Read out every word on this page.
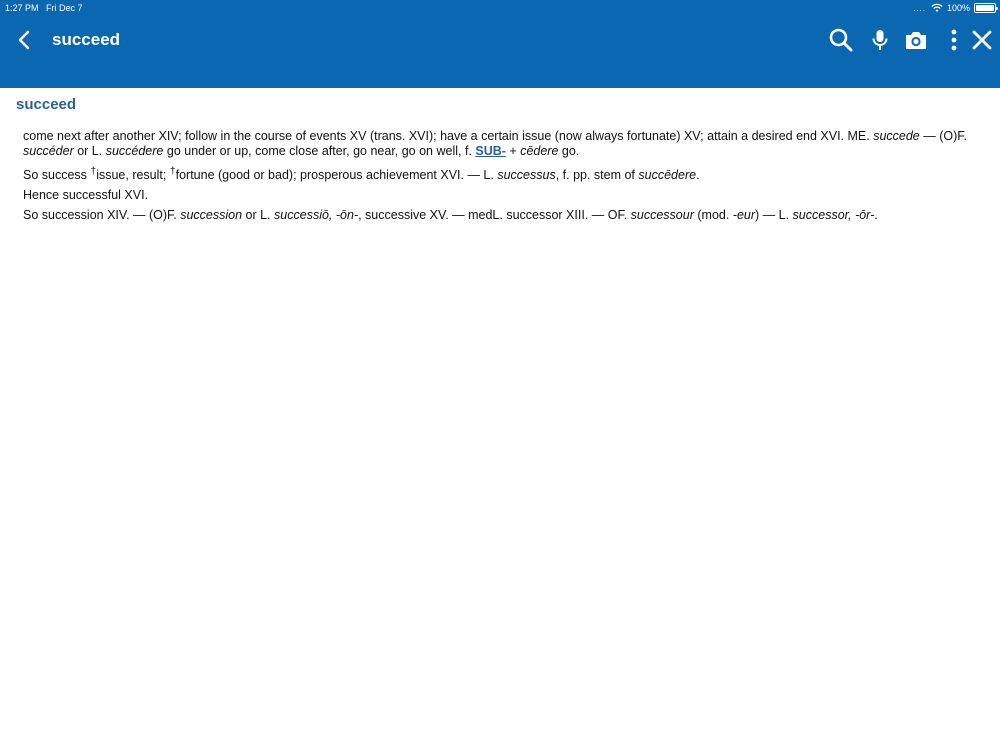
1:27 PM Fri Dec 7	.... 100%
succeed
succeed

come next after another XIV; follow in the course of events XV (trans. XVI); have a certain issue (now always fortunate) XV; attain a desired end XVI. ME. succede — (O)F. succéder or L. succédere go under or up, come close after, go near, go on well, f. SUB- + cēdere go.

So success †issue, result; †fortune (good or bad); prosperous achievement XVI. — L. successus, f. pp. stem of succēdere.

Hence successful XVI.

So succession XIV. — (O)F. succession or L. successiō, -ōn-, successive XV. — medL. successor XIII. — OF. successour (mod. -eur) — L. successor, -ōr-.
